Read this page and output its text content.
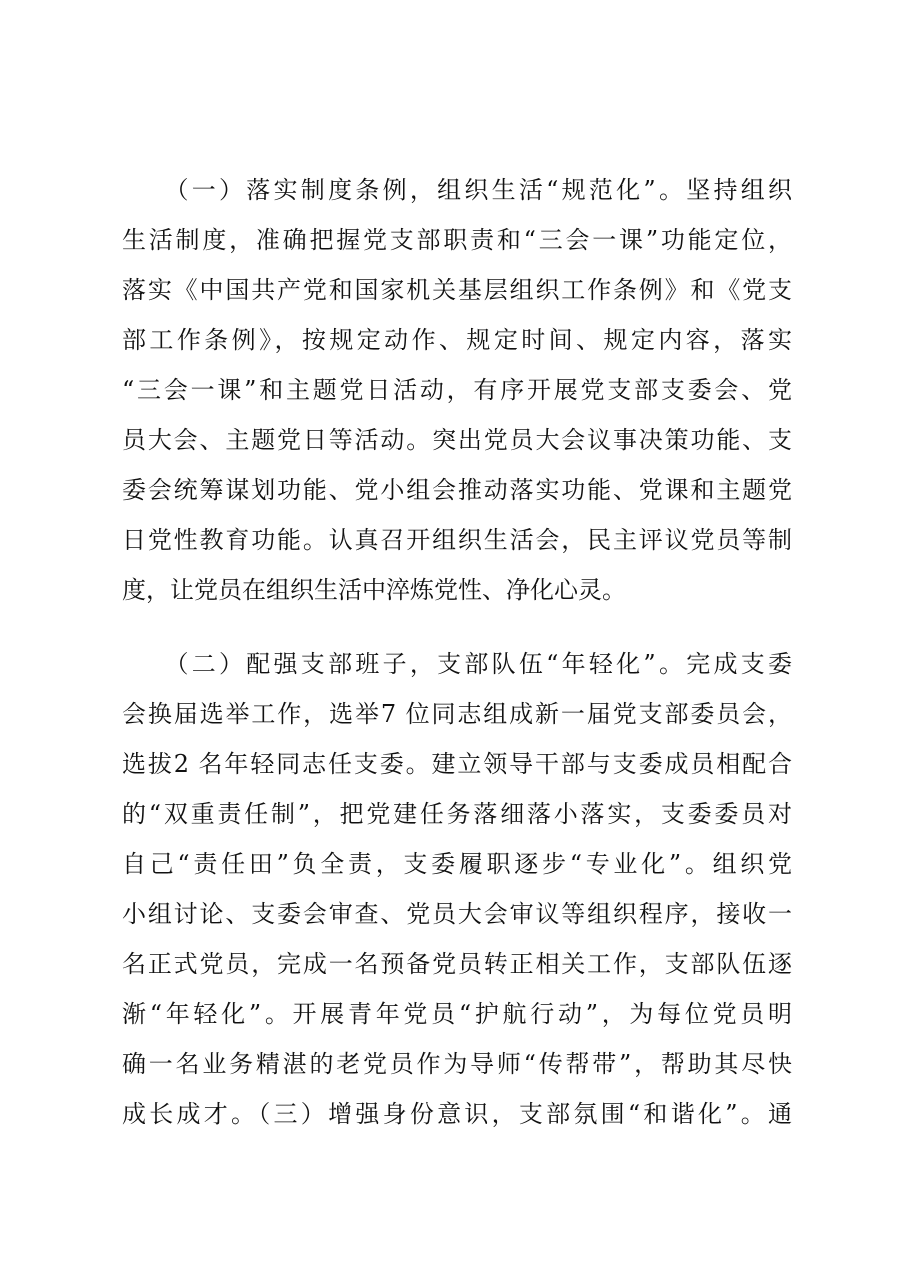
　　（一）落实制度条例，组织生活“规范化”。坚持组织
生活制度，准确把握党支部职责和“三会一课”功能定位，
落实《中国共产党和国家机关基层组织工作条例》和《党支
部工作条例》，按规定动作、规定时间、规定内容，落实
“三会一课”和主题党日活动，有序开展党支部支委会、党
员大会、主题党日等活动。突出党员大会议事决策功能、支
委会统筹谋划功能、党小组会推动落实功能、党课和主题党
日党性教育功能。认真召开组织生活会，民主评议党员等制
度，让党员在组织生活中淬炼党性、净化心灵。
　　（二）配强支部班子，支部队伍“年轻化”。完成支委
会换届选举工作，选举7 位同志组成新一届党支部委员会，
选拔2 名年轻同志任支委。建立领导干部与支委成员相配合
的“双重责任制”，把党建任务落细落小落实，支委委员对
自己“责任田”负全责，支委履职逐步“专业化”。组织党
小组讨论、支委会审查、党员大会审议等组织程序，接收一
名正式党员，完成一名预备党员转正相关工作，支部队伍逐
渐“年轻化”。开展青年党员“护航行动”，为每位党员明
确一名业务精湛的老党员作为导师“传帮带”，帮助其尽快
成长成才。（三）增强身份意识，支部氛围“和谐化”。通
